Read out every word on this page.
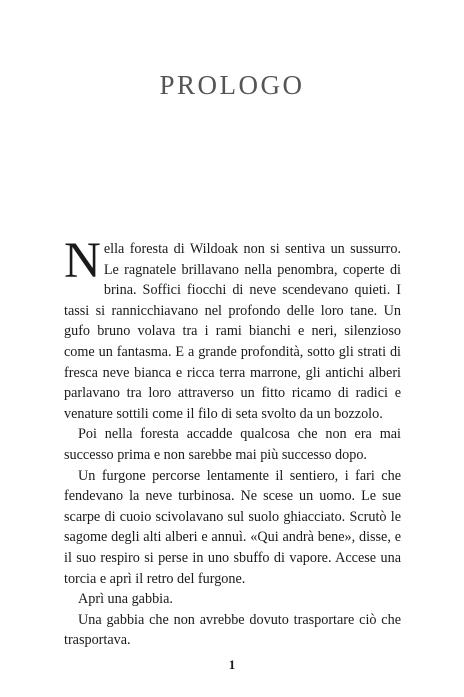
PROLOGO

Nella foresta di Wildoak non si sentiva un sussurro. Le ragnatele brillavano nella penombra, coperte di brina. Soffici fiocchi di neve scendevano quieti. I tassi si rannicchiavano nel profondo delle loro tane. Un gufo bruno volava tra i rami bianchi e neri, silenzioso come un fantasma. E a grande profondità, sotto gli strati di fresca neve bianca e ricca terra marrone, gli antichi alberi parlavano tra loro attraverso un fitto ricamo di radici e venature sottili come il filo di seta svolto da un bozzolo.

Poi nella foresta accadde qualcosa che non era mai successo prima e non sarebbe mai più successo dopo.

Un furgone percorse lentamente il sentiero, i fari che fendevano la neve turbinosa. Ne scese un uomo. Le sue scarpe di cuoio scivolavano sul suolo ghiacciato. Scrutò le sagome degli alti alberi e annuì. «Qui andrà bene», disse, e il suo respiro si perse in uno sbuffo di vapore. Accese una torcia e aprì il retro del furgone.

Aprì una gabbia.

Una gabbia che non avrebbe dovuto trasportare ciò che trasportava.

1
